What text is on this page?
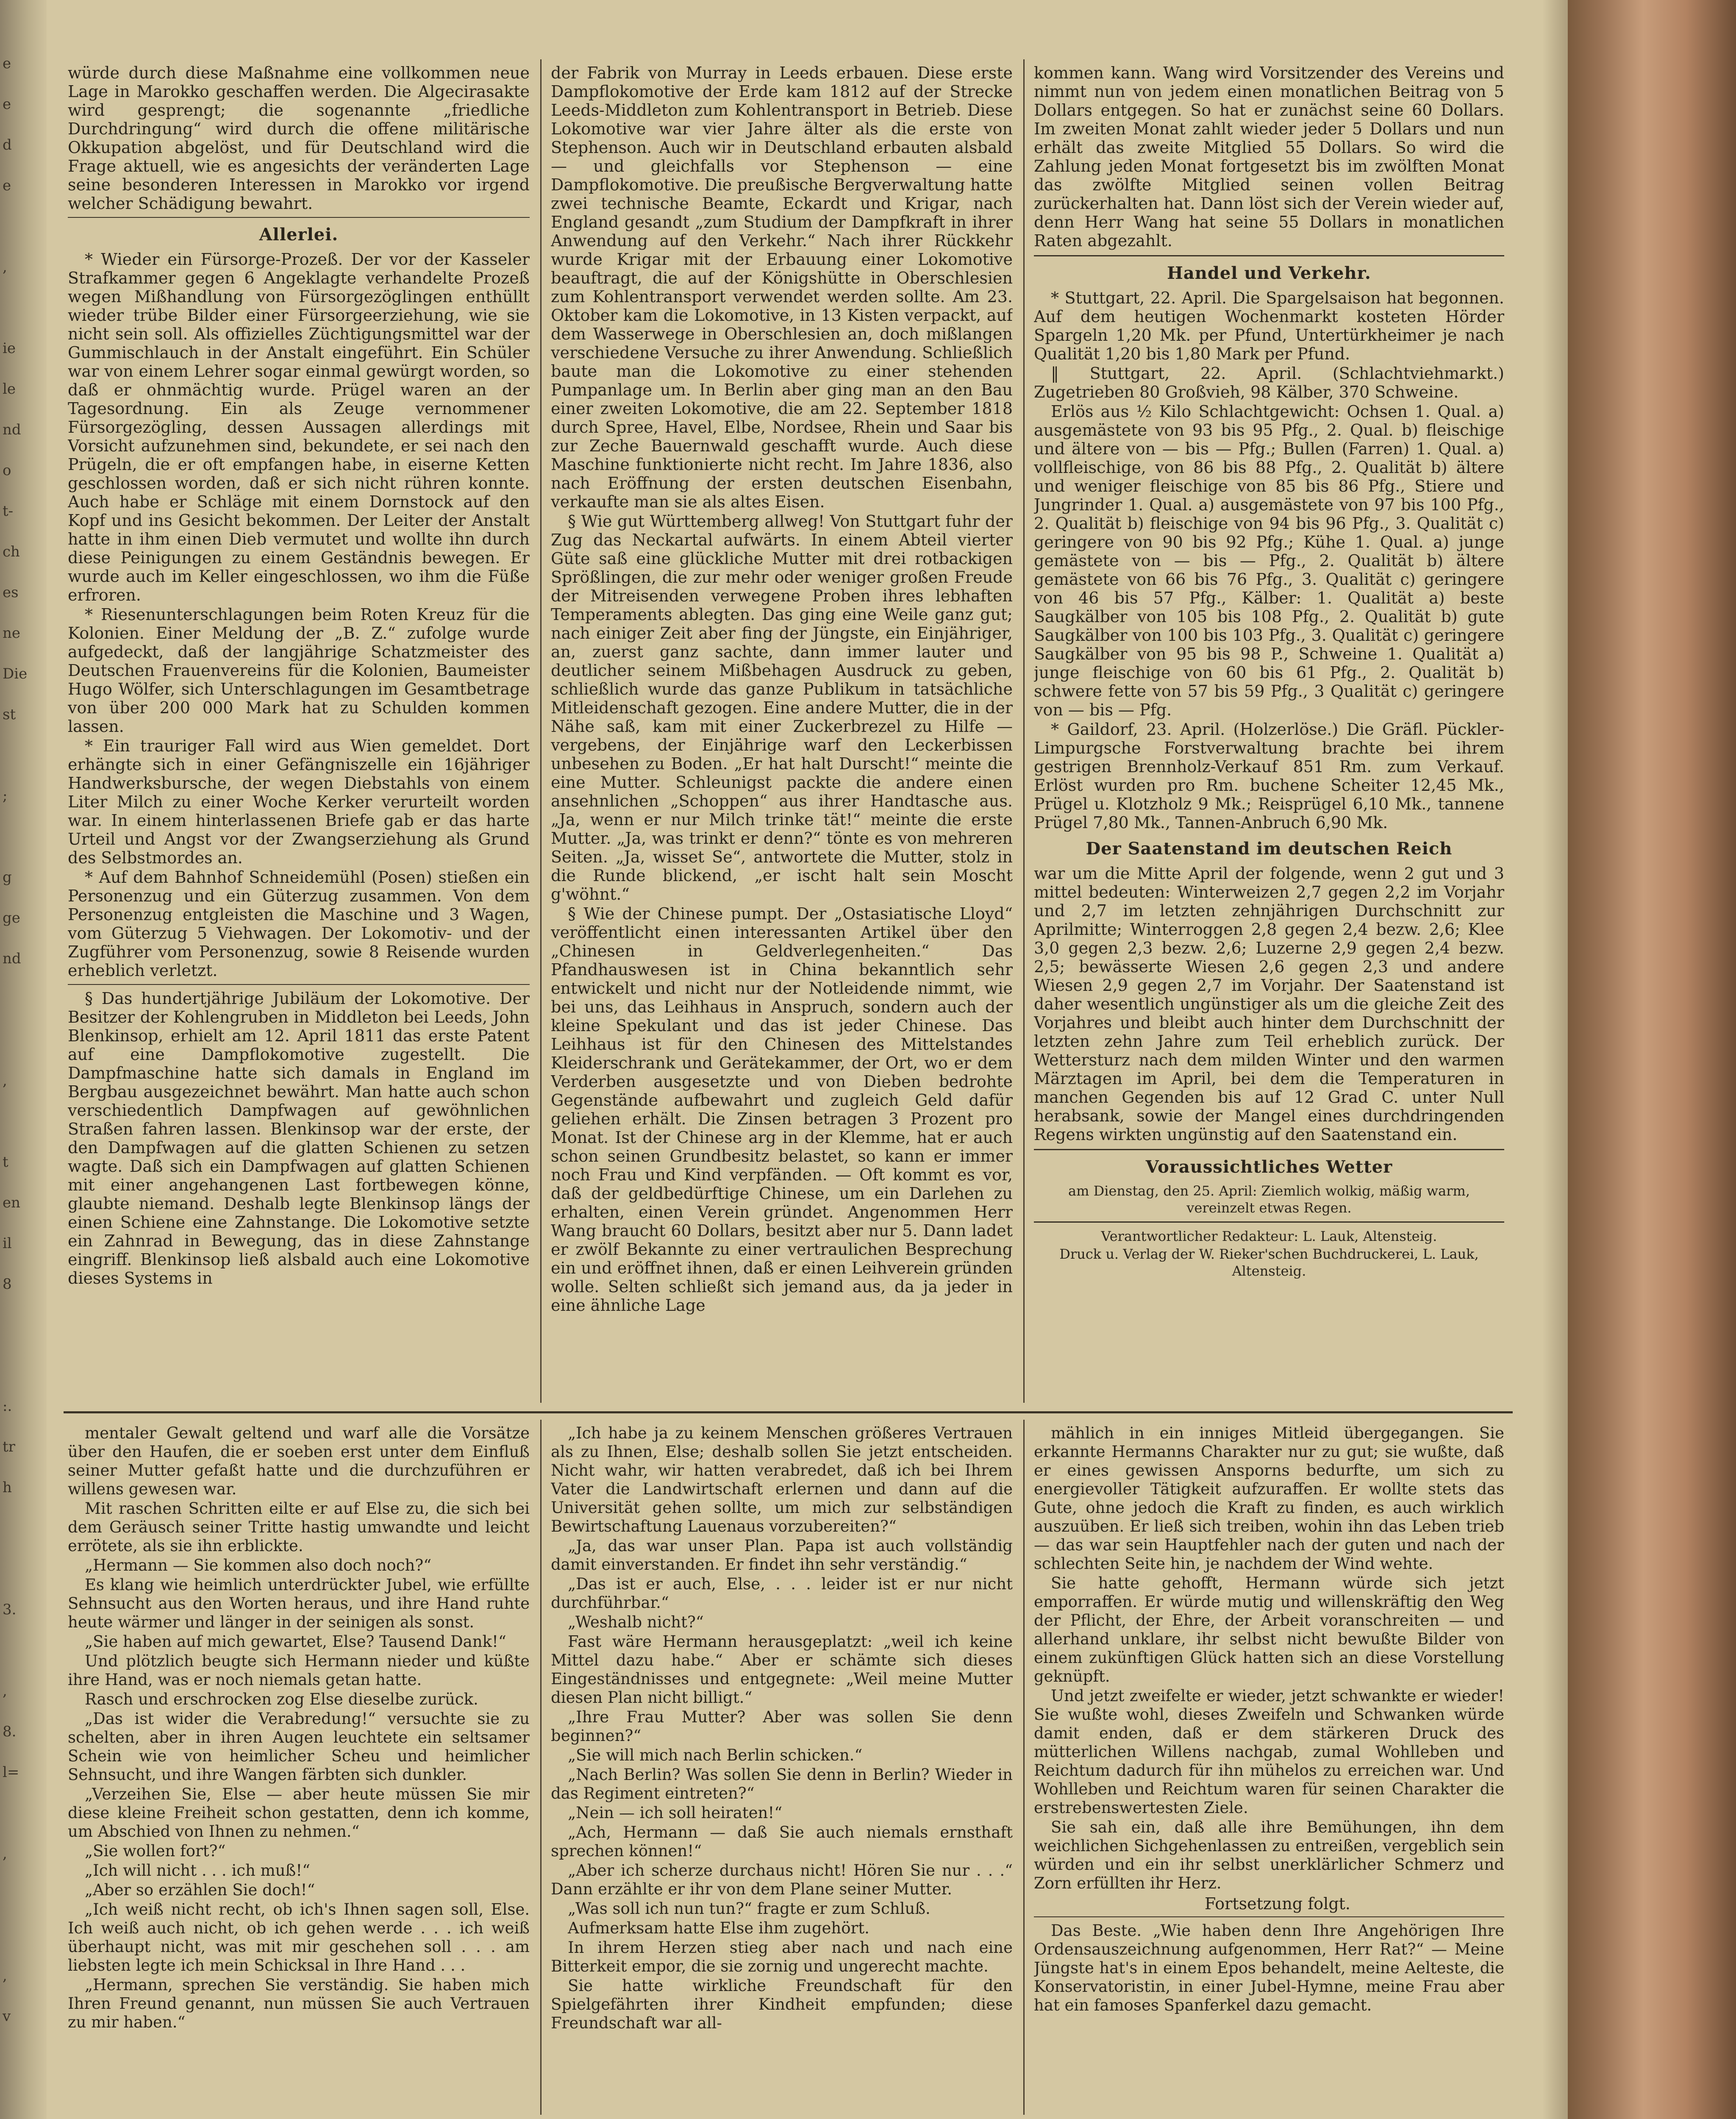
e
e
d
e
,
ie
le
nd
o
t-
ch
es
ne
Die
st
;
g
ge
nd
,
t
en
il
8
:.
tr
h
3.
,
8.
l=
,
,
v

würde durch diese Maßnahme eine vollkommen neue Lage in Marokko geschaffen werden. Die Algecirasakte wird gesprengt; die sogenannte „friedliche Durchdringung“ wird durch die offene militärische Okkupation abgelöst, und für Deutschland wird die Frage aktuell, wie es angesichts der veränderten Lage seine besonderen Interessen in Marokko vor irgend welcher Schädigung bewahrt.

Allerlei.

* Wieder ein Fürsorge-Prozeß. Der vor der Kasseler Strafkammer gegen 6 Angeklagte verhandelte Prozeß wegen Mißhandlung von Fürsorgezöglingen enthüllt wieder trübe Bilder einer Fürsorgeerziehung, wie sie nicht sein soll. Als offizielles Züchtigungsmittel war der Gummischlauch in der Anstalt eingeführt. Ein Schüler war von einem Lehrer sogar einmal gewürgt worden, so daß er ohnmächtig wurde. Prügel waren an der Tagesordnung. Ein als Zeuge vernommener Fürsorgezögling, dessen Aussagen allerdings mit Vorsicht aufzunehmen sind, bekundete, er sei nach den Prügeln, die er oft empfangen habe, in eiserne Ketten geschlossen worden, daß er sich nicht rühren konnte. Auch habe er Schläge mit einem Dornstock auf den Kopf und ins Gesicht bekommen. Der Leiter der Anstalt hatte in ihm einen Dieb vermutet und wollte ihn durch diese Peinigungen zu einem Geständnis bewegen. Er wurde auch im Keller eingeschlossen, wo ihm die Füße erfroren.

* Riesenunterschlagungen beim Roten Kreuz für die Kolonien. Einer Meldung der „B. Z.“ zufolge wurde aufgedeckt, daß der langjährige Schatzmeister des Deutschen Frauenvereins für die Kolonien, Baumeister Hugo Wölfer, sich Unterschlagungen im Gesamtbetrage von über 200 000 Mark hat zu Schulden kommen lassen.

* Ein trauriger Fall wird aus Wien gemeldet. Dort erhängte sich in einer Gefängniszelle ein 16jähriger Handwerksbursche, der wegen Diebstahls von einem Liter Milch zu einer Woche Kerker verurteilt worden war. In einem hinterlassenen Briefe gab er das harte Urteil und Angst vor der Zwangserziehung als Grund des Selbstmordes an.

* Auf dem Bahnhof Schneidemühl (Posen) stießen ein Personenzug und ein Güterzug zusammen. Von dem Personenzug entgleisten die Maschine und 3 Wagen, vom Güterzug 5 Viehwagen. Der Lokomotiv- und der Zugführer vom Personenzug, sowie 8 Reisende wurden erheblich verletzt.

§ Das hundertjährige Jubiläum der Lokomotive. Der Besitzer der Kohlengruben in Middleton bei Leeds, John Blenkinsop, erhielt am 12. April 1811 das erste Patent auf eine Dampflokomotive zugestellt. Die Dampfmaschine hatte sich damals in England im Bergbau ausgezeichnet bewährt. Man hatte auch schon verschiedentlich Dampfwagen auf gewöhnlichen Straßen fahren lassen. Blenkinsop war der erste, der den Dampfwagen auf die glatten Schienen zu setzen wagte. Daß sich ein Dampfwagen auf glatten Schienen mit einer angehangenen Last fortbewegen könne, glaubte niemand. Deshalb legte Blenkinsop längs der einen Schiene eine Zahnstange. Die Lokomotive setzte ein Zahnrad in Bewegung, das in diese Zahnstange eingriff. Blenkinsop ließ alsbald auch eine Lokomotive dieses Systems in

der Fabrik von Murray in Leeds erbauen. Diese erste Dampflokomotive der Erde kam 1812 auf der Strecke Leeds-Middleton zum Kohlentransport in Betrieb. Diese Lokomotive war vier Jahre älter als die erste von Stephenson. Auch wir in Deutschland erbauten alsbald — und gleichfalls vor Stephenson — eine Dampflokomotive. Die preußische Bergverwaltung hatte zwei technische Beamte, Eckardt und Krigar, nach England gesandt „zum Studium der Dampfkraft in ihrer Anwendung auf den Verkehr.“ Nach ihrer Rückkehr wurde Krigar mit der Erbauung einer Lokomotive beauftragt, die auf der Königshütte in Oberschlesien zum Kohlentransport verwendet werden sollte. Am 23. Oktober kam die Lokomotive, in 13 Kisten verpackt, auf dem Wasserwege in Oberschlesien an, doch mißlangen verschiedene Versuche zu ihrer Anwendung. Schließlich baute man die Lokomotive zu einer stehenden Pumpanlage um. In Berlin aber ging man an den Bau einer zweiten Lokomotive, die am 22. September 1818 durch Spree, Havel, Elbe, Nordsee, Rhein und Saar bis zur Zeche Bauernwald geschafft wurde. Auch diese Maschine funktionierte nicht recht. Im Jahre 1836, also nach Eröffnung der ersten deutschen Eisenbahn, verkaufte man sie als altes Eisen.

§ Wie gut Württemberg allweg! Von Stuttgart fuhr der Zug das Neckartal aufwärts. In einem Abteil vierter Güte saß eine glückliche Mutter mit drei rotbackigen Sprößlingen, die zur mehr oder weniger großen Freude der Mitreisenden verwegene Proben ihres lebhaften Temperaments ablegten. Das ging eine Weile ganz gut; nach einiger Zeit aber fing der Jüngste, ein Einjähriger, an, zuerst ganz sachte, dann immer lauter und deutlicher seinem Mißbehagen Ausdruck zu geben, schließlich wurde das ganze Publikum in tatsächliche Mitleidenschaft gezogen. Eine andere Mutter, die in der Nähe saß, kam mit einer Zuckerbrezel zu Hilfe — vergebens, der Einjährige warf den Leckerbissen unbesehen zu Boden. „Er hat halt Durscht!“ meinte die eine Mutter. Schleunigst packte die andere einen ansehnlichen „Schoppen“ aus ihrer Handtasche aus. „Ja, wenn er nur Milch trinke tät!“ meinte die erste Mutter. „Ja, was trinkt er denn?“ tönte es von mehreren Seiten. „Ja, wisset Se“, antwortete die Mutter, stolz in die Runde blickend, „er ischt halt sein Moscht g'wöhnt.“

§ Wie der Chinese pumpt. Der „Ostasiatische Lloyd“ veröffentlicht einen interessanten Artikel über den „Chinesen in Geldverlegenheiten.“ Das Pfandhauswesen ist in China bekanntlich sehr entwickelt und nicht nur der Notleidende nimmt, wie bei uns, das Leihhaus in Anspruch, sondern auch der kleine Spekulant und das ist jeder Chinese. Das Leihhaus ist für den Chinesen des Mittelstandes Kleiderschrank und Gerätekammer, der Ort, wo er dem Verderben ausgesetzte und von Dieben bedrohte Gegenstände aufbewahrt und zugleich Geld dafür geliehen erhält. Die Zinsen betragen 3 Prozent pro Monat. Ist der Chinese arg in der Klemme, hat er auch schon seinen Grundbesitz belastet, so kann er immer noch Frau und Kind verpfänden. — Oft kommt es vor, daß der geldbedürftige Chinese, um ein Darlehen zu erhalten, einen Verein gründet. Angenommen Herr Wang braucht 60 Dollars, besitzt aber nur 5. Dann ladet er zwölf Bekannte zu einer vertraulichen Besprechung ein und eröffnet ihnen, daß er einen Leihverein gründen wolle. Selten schließt sich jemand aus, da ja jeder in eine ähnliche Lage

kommen kann. Wang wird Vorsitzender des Vereins und nimmt nun von jedem einen monatlichen Beitrag von 5 Dollars entgegen. So hat er zunächst seine 60 Dollars. Im zweiten Monat zahlt wieder jeder 5 Dollars und nun erhält das zweite Mitglied 55 Dollars. So wird die Zahlung jeden Monat fortgesetzt bis im zwölften Monat das zwölfte Mitglied seinen vollen Beitrag zurückerhalten hat. Dann löst sich der Verein wieder auf, denn Herr Wang hat seine 55 Dollars in monatlichen Raten abgezahlt.

Handel und Verkehr.

* Stuttgart, 22. April. Die Spargelsaison hat begonnen. Auf dem heutigen Wochenmarkt kosteten Hörder Spargeln 1,20 Mk. per Pfund, Untertürkheimer je nach Qualität 1,20 bis 1,80 Mark per Pfund.

‖ Stuttgart, 22. April. (Schlachtviehmarkt.) Zugetrieben 80 Großvieh, 98 Kälber, 370 Schweine.

Erlös aus ½ Kilo Schlachtgewicht: Ochsen 1. Qual. a) ausgemästete von 93 bis 95 Pfg., 2. Qual. b) fleischige und ältere von — bis — Pfg.; Bullen (Farren) 1. Qual. a) vollfleischige, von 86 bis 88 Pfg., 2. Qualität b) ältere und weniger fleischige von 85 bis 86 Pfg., Stiere und Jungrinder 1. Qual. a) ausgemästete von 97 bis 100 Pfg., 2. Qualität b) fleischige von 94 bis 96 Pfg., 3. Qualität c) geringere von 90 bis 92 Pfg.; Kühe 1. Qual. a) junge gemästete von — bis — Pfg., 2. Qualität b) ältere gemästete von 66 bis 76 Pfg., 3. Qualität c) geringere von 46 bis 57 Pfg., Kälber: 1. Qualität a) beste Saugkälber von 105 bis 108 Pfg., 2. Qualität b) gute Saugkälber von 100 bis 103 Pfg., 3. Qualität c) geringere Saugkälber von 95 bis 98 P., Schweine 1. Qualität a) junge fleischige von 60 bis 61 Pfg., 2. Qualität b) schwere fette von 57 bis 59 Pfg., 3 Qualität c) geringere von — bis — Pfg.

* Gaildorf, 23. April. (Holzerlöse.) Die Gräfl. Pückler-Limpurgsche Forstverwaltung brachte bei ihrem gestrigen Brennholz-Verkauf 851 Rm. zum Verkauf. Erlöst wurden pro Rm. buchene Scheiter 12,45 Mk., Prügel u. Klotzholz 9 Mk.; Reisprügel 6,10 Mk., tannene Prügel 7,80 Mk., Tannen-Anbruch 6,90 Mk.

Der Saatenstand im deutschen Reich

war um die Mitte April der folgende, wenn 2 gut und 3 mittel bedeuten: Winterweizen 2,7 gegen 2,2 im Vorjahr und 2,7 im letzten zehnjährigen Durchschnitt zur Aprilmitte; Winterroggen 2,8 gegen 2,4 bezw. 2,6; Klee 3,0 gegen 2,3 bezw. 2,6; Luzerne 2,9 gegen 2,4 bezw. 2,5; bewässerte Wiesen 2,6 gegen 2,3 und andere Wiesen 2,9 gegen 2,7 im Vorjahr. Der Saatenstand ist daher wesentlich ungünstiger als um die gleiche Zeit des Vorjahres und bleibt auch hinter dem Durchschnitt der letzten zehn Jahre zum Teil erheblich zurück. Der Wettersturz nach dem milden Winter und den warmen Märztagen im April, bei dem die Temperaturen in manchen Gegenden bis auf 12 Grad C. unter Null herabsank, sowie der Mangel eines durchdringenden Regens wirkten ungünstig auf den Saatenstand ein.

Voraussichtliches Wetter

am Dienstag, den 25. April: Ziemlich wolkig, mäßig warm, vereinzelt etwas Regen.

Verantwortlicher Redakteur: L. Lauk, Altensteig.

Druck u. Verlag der W. Rieker'schen Buchdruckerei, L. Lauk, Altensteig.

mentaler Gewalt geltend und warf alle die Vorsätze über den Haufen, die er soeben erst unter dem Einfluß seiner Mutter gefaßt hatte und die durchzuführen er willens gewesen war.

Mit raschen Schritten eilte er auf Else zu, die sich bei dem Geräusch seiner Tritte hastig umwandte und leicht errötete, als sie ihn erblickte.

„Hermann — Sie kommen also doch noch?“

Es klang wie heimlich unterdrückter Jubel, wie erfüllte Sehnsucht aus den Worten heraus, und ihre Hand ruhte heute wärmer und länger in der seinigen als sonst.

„Sie haben auf mich gewartet, Else? Tausend Dank!“

Und plötzlich beugte sich Hermann nieder und küßte ihre Hand, was er noch niemals getan hatte.

Rasch und erschrocken zog Else dieselbe zurück.

„Das ist wider die Verabredung!“ versuchte sie zu schelten, aber in ihren Augen leuchtete ein seltsamer Schein wie von heimlicher Scheu und heimlicher Sehnsucht, und ihre Wangen färbten sich dunkler.

„Verzeihen Sie, Else — aber heute müssen Sie mir diese kleine Freiheit schon gestatten, denn ich komme, um Abschied von Ihnen zu nehmen.“

„Sie wollen fort?“

„Ich will nicht . . . ich muß!“

„Aber so erzählen Sie doch!“

„Ich weiß nicht recht, ob ich's Ihnen sagen soll, Else. Ich weiß auch nicht, ob ich gehen werde . . . ich weiß überhaupt nicht, was mit mir geschehen soll . . . am liebsten legte ich mein Schicksal in Ihre Hand . . .

„Hermann, sprechen Sie verständig. Sie haben mich Ihren Freund genannt, nun müssen Sie auch Vertrauen zu mir haben.“

„Ich habe ja zu keinem Menschen größeres Vertrauen als zu Ihnen, Else; deshalb sollen Sie jetzt entscheiden. Nicht wahr, wir hatten verabredet, daß ich bei Ihrem Vater die Landwirtschaft erlernen und dann auf die Universität gehen sollte, um mich zur selbständigen Bewirtschaftung Lauenaus vorzubereiten?“

„Ja, das war unser Plan. Papa ist auch vollständig damit einverstanden. Er findet ihn sehr verständig.“

„Das ist er auch, Else, . . . leider ist er nur nicht durchführbar.“

„Weshalb nicht?“

Fast wäre Hermann herausgeplatzt: „weil ich keine Mittel dazu habe.“ Aber er schämte sich dieses Eingeständnisses und entgegnete: „Weil meine Mutter diesen Plan nicht billigt.“

„Ihre Frau Mutter? Aber was sollen Sie denn beginnen?“

„Sie will mich nach Berlin schicken.“

„Nach Berlin? Was sollen Sie denn in Berlin? Wieder in das Regiment eintreten?“

„Nein — ich soll heiraten!“

„Ach, Hermann — daß Sie auch niemals ernsthaft sprechen können!“

„Aber ich scherze durchaus nicht! Hören Sie nur . . .“ Dann erzählte er ihr von dem Plane seiner Mutter.

„Was soll ich nun tun?“ fragte er zum Schluß.

Aufmerksam hatte Else ihm zugehört.

In ihrem Herzen stieg aber nach und nach eine Bitterkeit empor, die sie zornig und ungerecht machte.

Sie hatte wirkliche Freundschaft für den Spielgefährten ihrer Kindheit empfunden; diese Freundschaft war all-

mählich in ein inniges Mitleid übergegangen. Sie erkannte Hermanns Charakter nur zu gut; sie wußte, daß er eines gewissen Ansporns bedurfte, um sich zu energievoller Tätigkeit aufzuraffen. Er wollte stets das Gute, ohne jedoch die Kraft zu finden, es auch wirklich auszuüben. Er ließ sich treiben, wohin ihn das Leben trieb — das war sein Hauptfehler nach der guten und nach der schlechten Seite hin, je nachdem der Wind wehte.

Sie hatte gehofft, Hermann würde sich jetzt emporraffen. Er würde mutig und willenskräftig den Weg der Pflicht, der Ehre, der Arbeit voranschreiten — und allerhand unklare, ihr selbst nicht bewußte Bilder von einem zukünftigen Glück hatten sich an diese Vorstellung geknüpft.

Und jetzt zweifelte er wieder, jetzt schwankte er wieder! Sie wußte wohl, dieses Zweifeln und Schwanken würde damit enden, daß er dem stärkeren Druck des mütterlichen Willens nachgab, zumal Wohlleben und Reichtum dadurch für ihn mühelos zu erreichen war. Und Wohlleben und Reichtum waren für seinen Charakter die erstrebenswertesten Ziele.

Sie sah ein, daß alle ihre Bemühungen, ihn dem weichlichen Sichgehenlassen zu entreißen, vergeblich sein würden und ein ihr selbst unerklärlicher Schmerz und Zorn erfüllten ihr Herz.

Fortsetzung folgt.

Das Beste. „Wie haben denn Ihre Angehörigen Ihre Ordensauszeichnung aufgenommen, Herr Rat?“ — Meine Jüngste hat's in einem Epos behandelt, meine Aelteste, die Konservatoristin, in einer Jubel-Hymne, meine Frau aber hat ein famoses Spanferkel dazu gemacht.
